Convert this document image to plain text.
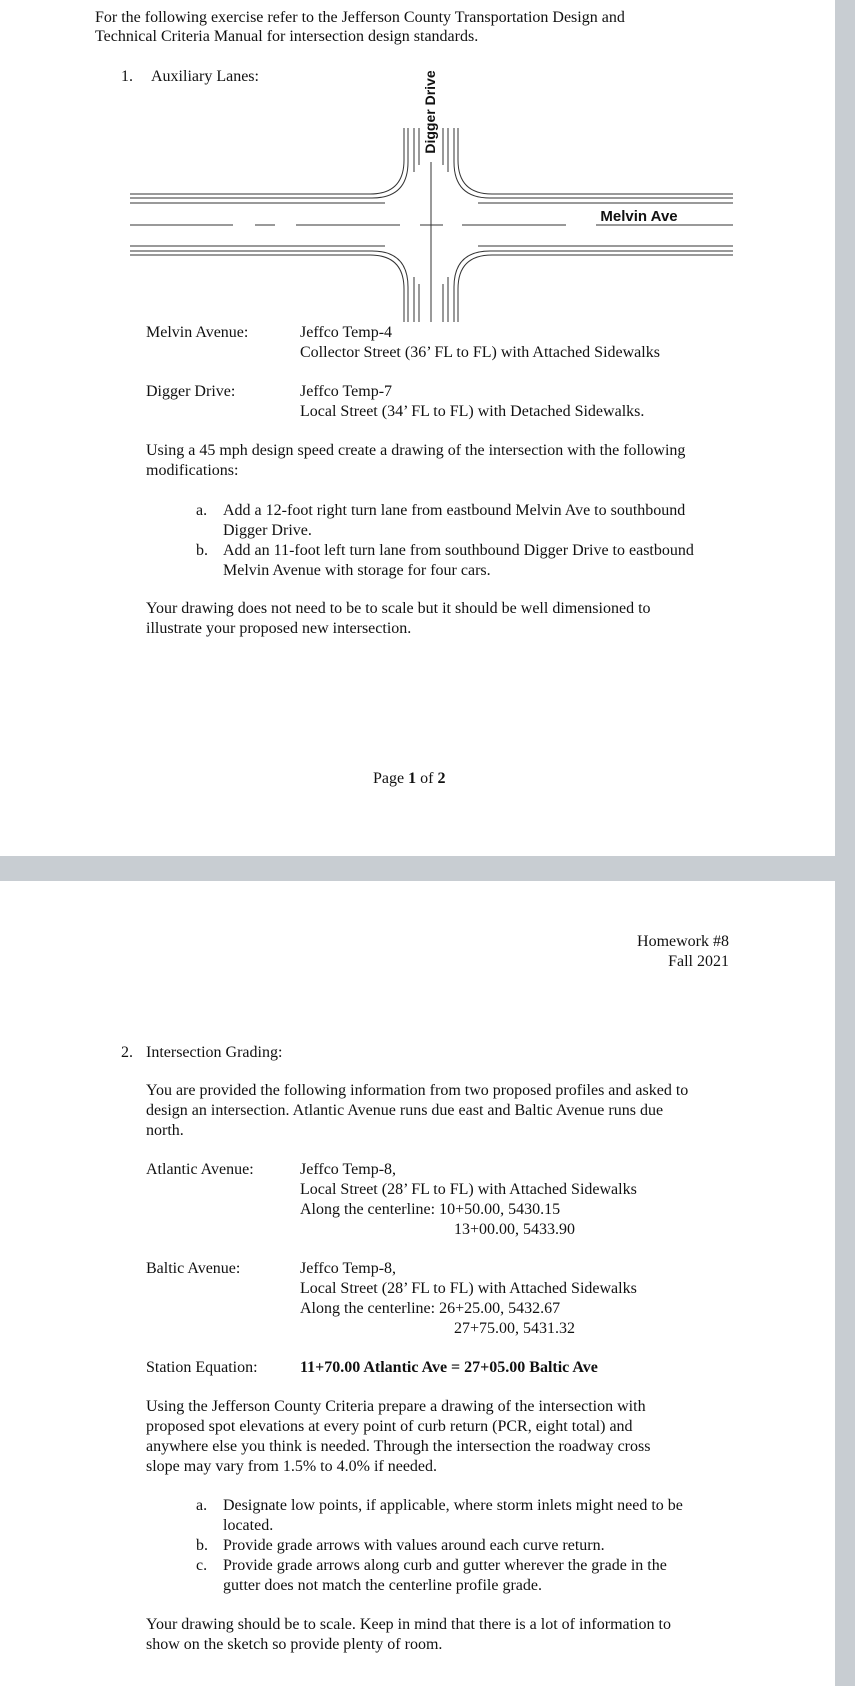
For the following exercise refer to the Jefferson County Transportation Design and
Technical Criteria Manual for intersection design standards.
1. Auxiliary Lanes:	Digger Drive
Melvin Ave
Melvin Avenue:	Jeffco Temp-4
Collector Street (36’ FL to FL) with Attached Sidewalks
Digger Drive:	Jeffco Temp-7
Local Street (34’ FL to FL) with Detached Sidewalks.
Using a 45 mph design speed create a drawing of the intersection with the following
modifications:
a. Add a 12-foot right turn lane from eastbound Melvin Ave to southbound
Digger Drive.
b. Add an 11-foot left turn lane from southbound Digger Drive to eastbound
Melvin Avenue with storage for four cars.
Your drawing does not need to be to scale but it should be well dimensioned to
illustrate your proposed new intersection.
Page 1 of 2
Homework #8
Fall 2021
2. Intersection Grading:
You are provided the following information from two proposed profiles and asked to
design an intersection. Atlantic Avenue runs due east and Baltic Avenue runs due
north.
Atlantic Avenue:	Jeffco Temp-8,
Local Street (28’ FL to FL) with Attached Sidewalks
Along the centerline: 10+50.00, 5430.15
13+00.00, 5433.90
Baltic Avenue:	Jeffco Temp-8,
Local Street (28’ FL to FL) with Attached Sidewalks
Along the centerline: 26+25.00, 5432.67
27+75.00, 5431.32
Station Equation:	11+70.00 Atlantic Ave = 27+05.00 Baltic Ave
Using the Jefferson County Criteria prepare a drawing of the intersection with
proposed spot elevations at every point of curb return (PCR, eight total) and
anywhere else you think is needed. Through the intersection the roadway cross
slope may vary from 1.5% to 4.0% if needed.
a. Designate low points, if applicable, where storm inlets might need to be
located.
b. Provide grade arrows with values around each curve return.
c. Provide grade arrows along curb and gutter wherever the grade in the
gutter does not match the centerline profile grade.
Your drawing should be to scale. Keep in mind that there is a lot of information to
show on the sketch so provide plenty of room.
